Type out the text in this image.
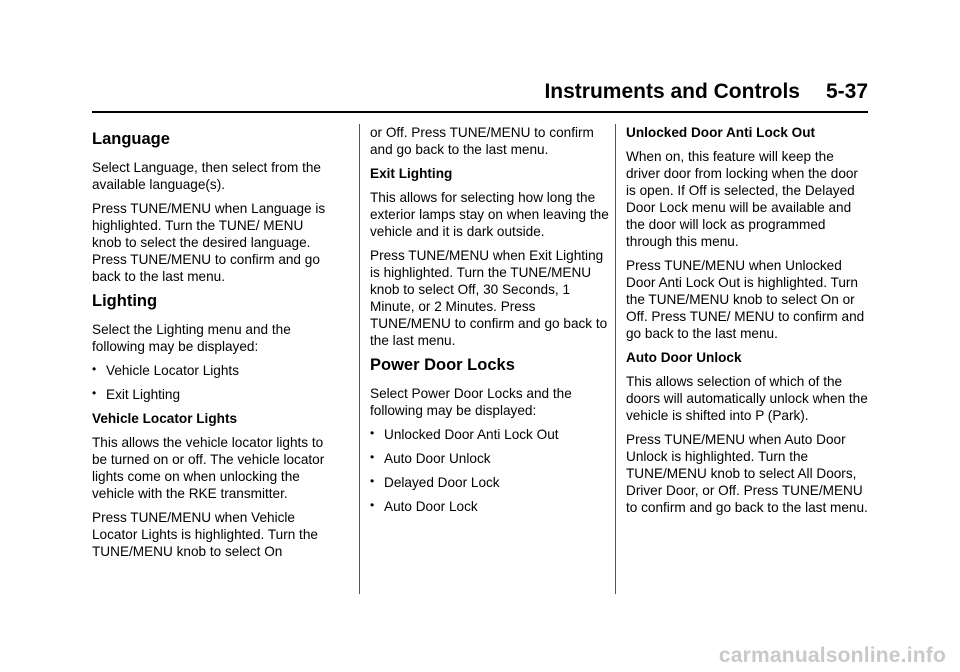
Instruments and Controls 5-37
Language

Select Language, then select from the available language(s).

Press TUNE/MENU when Language is highlighted. Turn the TUNE/ MENU knob to select the desired language. Press TUNE/MENU to confirm and go back to the last menu.

Lighting

Select the Lighting menu and the following may be displayed:

• Vehicle Locator Lights
• Exit Lighting
Vehicle Locator Lights

This allows the vehicle locator lights to be turned on or off. The vehicle locator lights come on when unlocking the vehicle with the RKE transmitter.

Press TUNE/MENU when Vehicle Locator Lights is highlighted. Turn the TUNE/MENU knob to select On

or Off. Press TUNE/MENU to confirm and go back to the last menu.

Exit Lighting

This allows for selecting how long the exterior lamps stay on when leaving the vehicle and it is dark outside.

Press TUNE/MENU when Exit Lighting is highlighted. Turn the TUNE/MENU knob to select Off, 30 Seconds, 1 Minute, or 2 Minutes. Press TUNE/MENU to confirm and go back to the last menu.

Power Door Locks

Select Power Door Locks and the following may be displayed:

• Unlocked Door Anti Lock Out
• Auto Door Unlock
• Delayed Door Lock
• Auto Door Lock
Unlocked Door Anti Lock Out

When on, this feature will keep the driver door from locking when the door is open. If Off is selected, the Delayed Door Lock menu will be available and the door will lock as programmed through this menu.

Press TUNE/MENU when Unlocked Door Anti Lock Out is highlighted. Turn the TUNE/MENU knob to select On or Off. Press TUNE/ MENU to confirm and go back to the last menu.

Auto Door Unlock

This allows selection of which of the doors will automatically unlock when the vehicle is shifted into P (Park).

Press TUNE/MENU when Auto Door Unlock is highlighted. Turn the TUNE/MENU knob to select All Doors, Driver Door, or Off. Press TUNE/MENU to confirm and go back to the last menu.

carmanualsonline.info
